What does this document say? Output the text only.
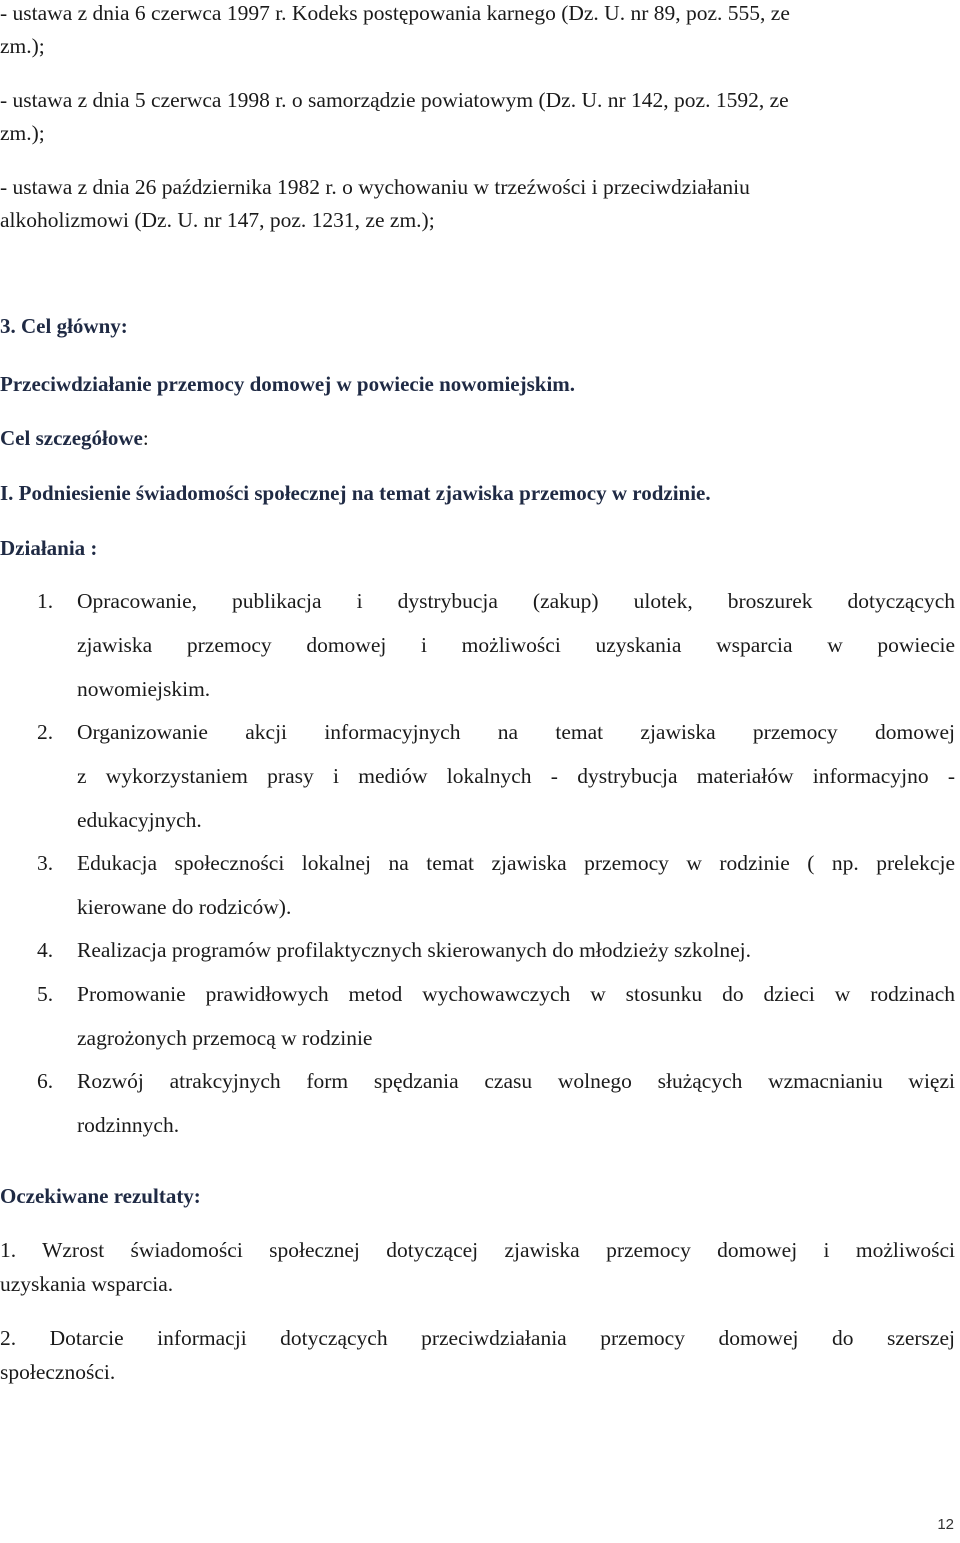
- ustawa z dnia 6 czerwca 1997 r. Kodeks postępowania karnego (Dz. U. nr 89, poz. 555, ze
zm.);

- ustawa z dnia 5 czerwca 1998 r. o samorządzie powiatowym (Dz. U. nr 142, poz. 1592, ze
zm.);

- ustawa z dnia 26 października 1982 r. o wychowaniu w trzeźwości i przeciwdziałaniu
alkoholizmowi (Dz. U. nr 147, poz. 1231, ze zm.);

3. Cel główny:

Przeciwdziałanie przemocy domowej w powiecie nowomiejskim.

Cel szczegółowe:

I. Podniesienie świadomości społecznej na temat zjawiska przemocy w rodzinie.

Działania :

1. Opracowanie, publikacja i dystrybucja (zakup) ulotek, broszurek dotyczących
zjawiska przemocy domowej i możliwości uzyskania wsparcia w powiecie
nowomiejskim.
2. Organizowanie akcji informacyjnych na temat zjawiska przemocy domowej
z wykorzystaniem prasy i mediów lokalnych - dystrybucja materiałów informacyjno -
edukacyjnych.
3. Edukacja społeczności lokalnej na temat zjawiska przemocy w rodzinie ( np. prelekcje
kierowane do rodziców).
4. Realizacja programów profilaktycznych skierowanych do młodzieży szkolnej.
5. Promowanie prawidłowych metod wychowawczych w stosunku do dzieci w rodzinach
zagrożonych przemocą w rodzinie
6. Rozwój atrakcyjnych form spędzania czasu wolnego służących wzmacnianiu więzi
rodzinnych.

Oczekiwane rezultaty:

1. Wzrost świadomości społecznej dotyczącej zjawiska przemocy domowej i możliwości
uzyskania wsparcia.
2. Dotarcie informacji dotyczących przeciwdziałania przemocy domowej do szerszej
społeczności.
12
